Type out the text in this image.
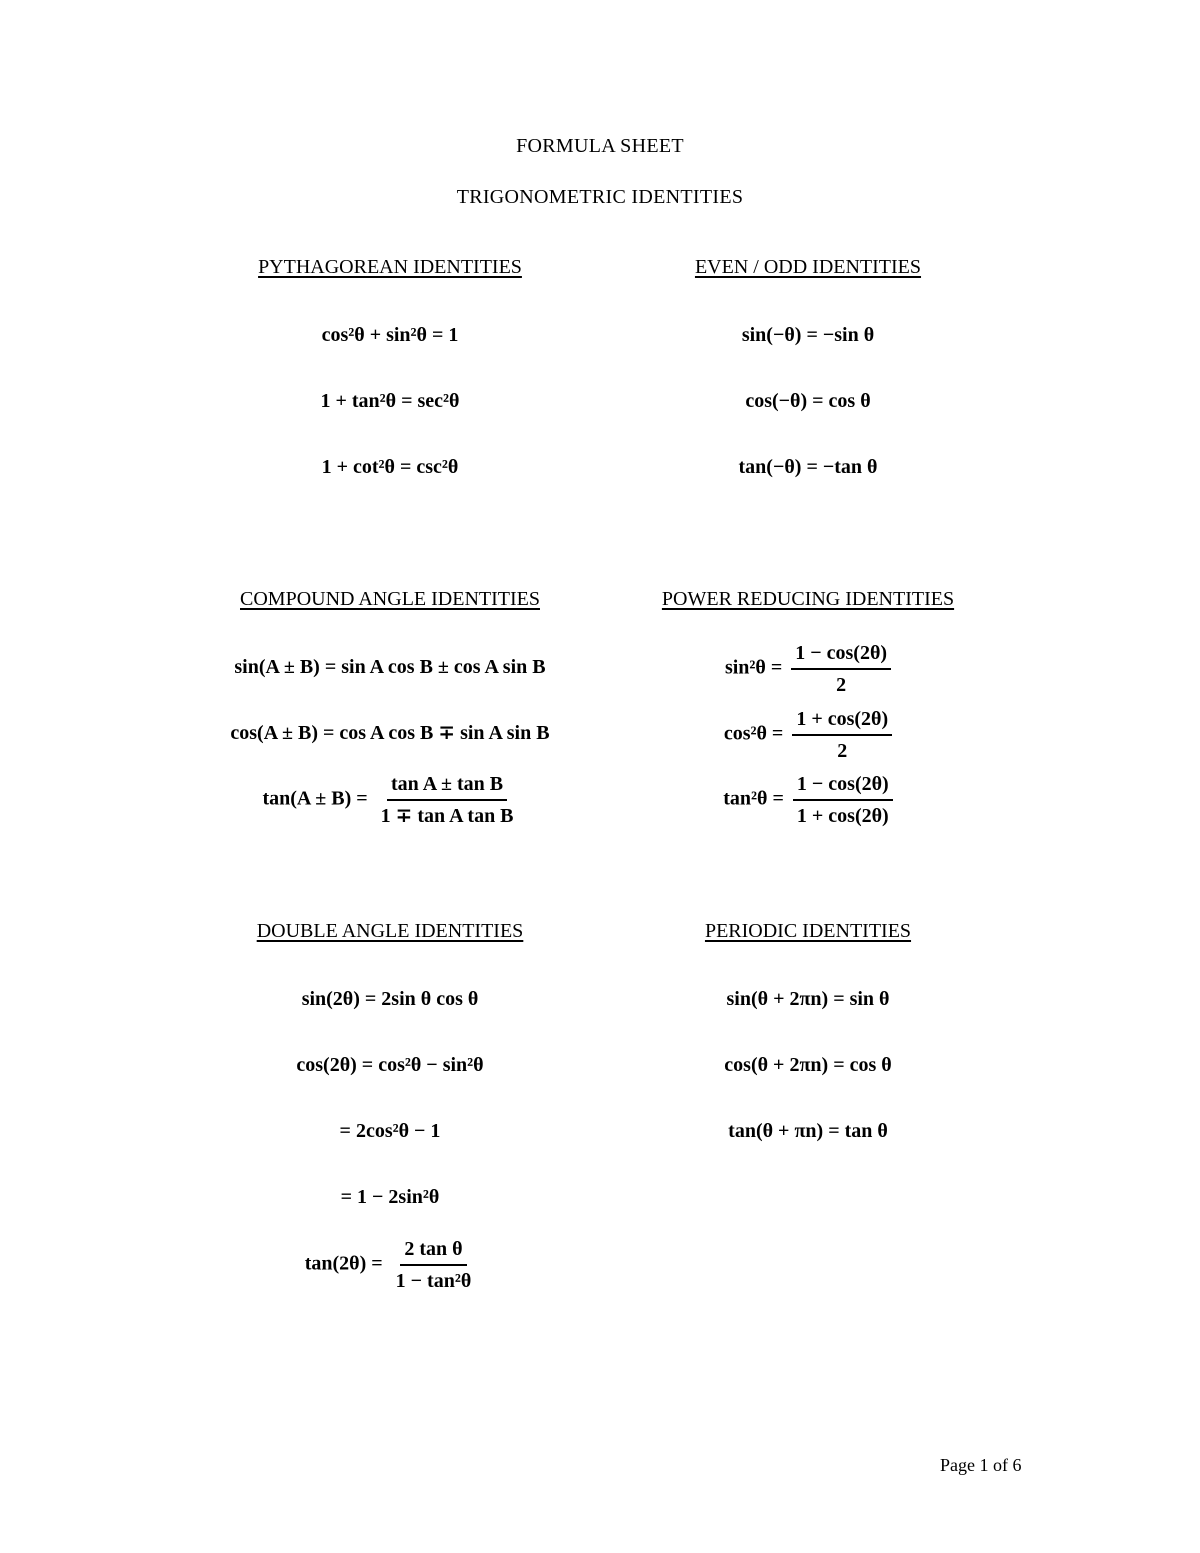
FORMULA SHEET
TRIGONOMETRIC IDENTITIES
PYTHAGOREAN IDENTITIES
cos²θ + sin²θ = 1
1 + tan²θ = sec²θ
1 + cot²θ = csc²θ
EVEN / ODD IDENTITIES
sin(−θ) = −sin θ
cos(−θ) = cos θ
tan(−θ) = −tan θ
COMPOUND ANGLE IDENTITIES
sin(A ± B) = sin A cos B ± cos A sin B
cos(A ± B) = cos A cos B ∓ sin A sin B
$\tan(A \pm B) = \frac{\text{tan A ± tan B}}{\text{1 ∓ tan A tan B}}$
POWER REDUCING IDENTITIES
$\sin^2\theta = \frac{1 - \cos(2\theta)}{2}$
$\cos^2\theta = \frac{1 + \cos(2\theta)}{2}$
$\tan^2\theta = \frac{1 - \cos(2\theta)}{1 + \cos(2\theta)}$
DOUBLE ANGLE IDENTITIES
sin(2θ) = 2sin θ cos θ
cos(2θ) = cos²θ − sin²θ
= 2cos²θ − 1
= 1 − 2sin²θ
$\tan(2\theta) = \frac{\text{2 tan θ}}{\text{1 − tan²θ}}$
PERIODIC IDENTITIES
sin(θ + 2πn) = sin θ
cos(θ + 2πn) = cos θ
tan(θ + πn) = tan θ
Page 1 of 6
